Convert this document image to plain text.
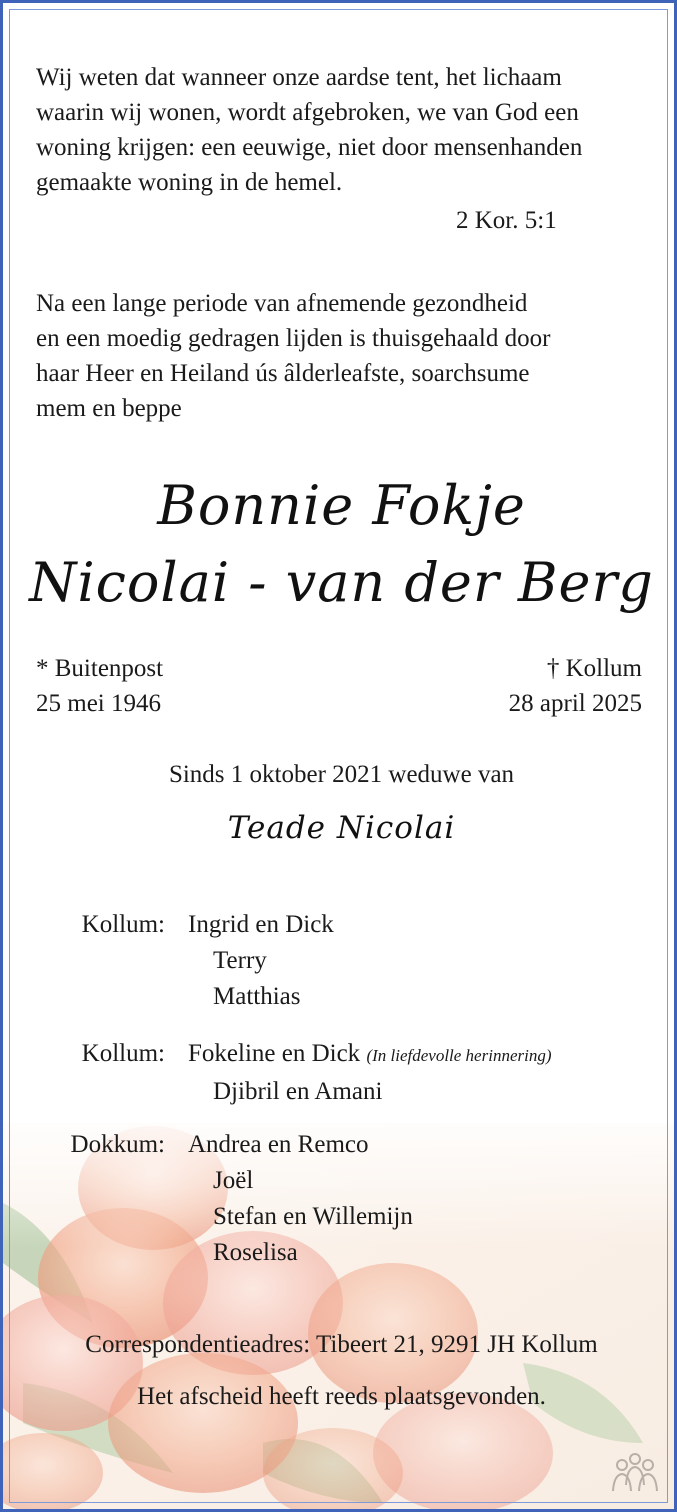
Wij weten dat wanneer onze aardse tent, het lichaam
waarin wij wonen, wordt afgebroken, we van God een
woning krijgen: een eeuwige, niet door mensenhanden
gemaakte woning in de hemel.
2 Kor. 5:1
Na een lange periode van afnemende gezondheid
en een moedig gedragen lijden is thuisgehaald door
haar Heer en Heiland ús âlderleafste, soarchsume
mem en beppe
Bonnie Fokje
Nicolai - van der Berg
* Buitenpost
25 mei 1946
† Kollum
28 april 2025
Sinds 1 oktober 2021 weduwe van
Teade Nicolai
Kollum: Ingrid en Dick
Terry
Matthias
Kollum: Fokeline en Dick (In liefdevolle herinnering)
Djibril en Amani
Dokkum: Andrea en Remco
Joël
Stefan en Willemijn
Roselisa
Correspondentieadres: Tibeert 21, 9291 JH Kollum
Het afscheid heeft reeds plaatsgevonden.
